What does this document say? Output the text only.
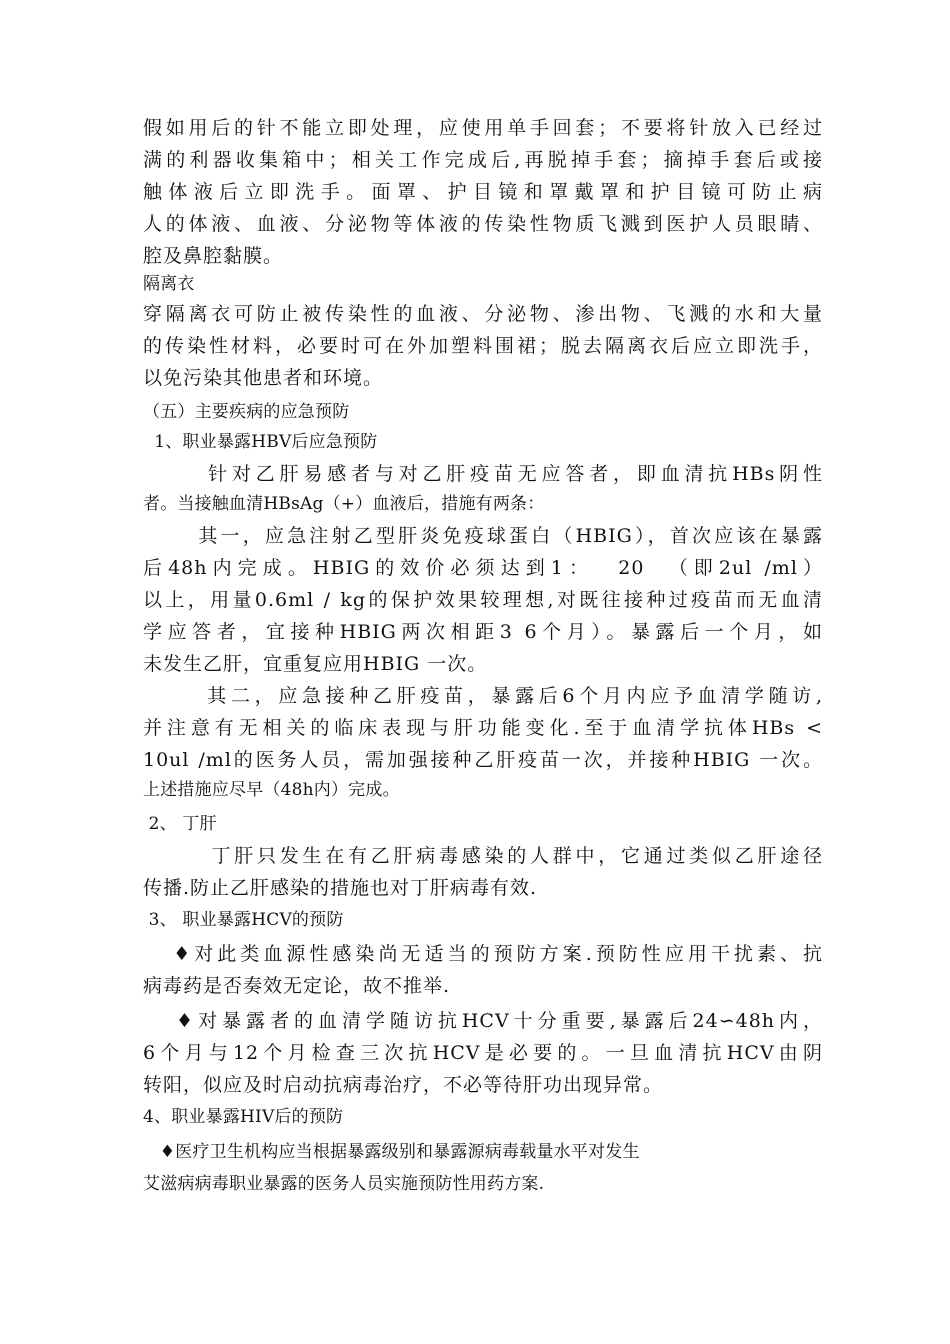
假如用后的针不能立即处理，应使用单手回套；不要将针放入已经过
满的利器收集箱中；相关工作完成后,再脱掉手套；摘掉手套后或接
触体液后立即洗手。面罩、护目镜和罩戴罩和护目镜可防止病
人的体液、血液、分泌物等体液的传染性物质飞溅到医护人员眼睛、
腔及鼻腔黏膜。
隔离衣
穿隔离衣可防止被传染性的血液、分泌物、渗出物、飞溅的水和大量
的传染性材料，必要时可在外加塑料围裙；脱去隔离衣后应立即洗手，
以免污染其他患者和环境。
（五）主要疾病的应急预防
1、职业暴露HBV后应急预防
针对乙肝易感者与对乙肝疫苗无应答者，即血清抗HBs阴性
者。当接触血清HBsAg（+）血液后，措施有两条：
其一，应急注射乙型肝炎免疫球蛋白（HBIG），首次应该在暴露
后48h内完成。HBIG的效价必须达到1：  20  （即2ul /ml）
以上，用量0.6ml / kg的保护效果较理想,对既往接种过疫苗而无血清
学应答者，宜接种HBIG两次相距3 6个月）。暴露后一个月，如
未发生乙肝，宜重复应用HBIG 一次。
其二，应急接种乙肝疫苗，暴露后6个月内应予血清学随访,
并注意有无相关的临床表现与肝功能变化.至于血清学抗体HBs <
10ul /ml的医务人员，需加强接种乙肝疫苗一次，并接种HBIG 一次。
上述措施应尽早（48h内）完成。
2、 丁肝
丁肝只发生在有乙肝病毒感染的人群中，它通过类似乙肝途径
传播.防止乙肝感染的措施也对丁肝病毒有效.
3、 职业暴露HCV的预防
♦对此类血源性感染尚无适当的预防方案.预防性应用干扰素、抗
病毒药是否奏效无定论，故不推举.
♦对暴露者的血清学随访抗HCV十分重要,暴露后24∽48h内，
6个月与12个月检查三次抗HCV是必要的。一旦血清抗HCV由阴
转阳，似应及时启动抗病毒治疗，不必等待肝功出现异常。
4、职业暴露HIV后的预防
♦医疗卫生机构应当根据暴露级别和暴露源病毒载量水平对发生
艾滋病病毒职业暴露的医务人员实施预防性用药方案.
